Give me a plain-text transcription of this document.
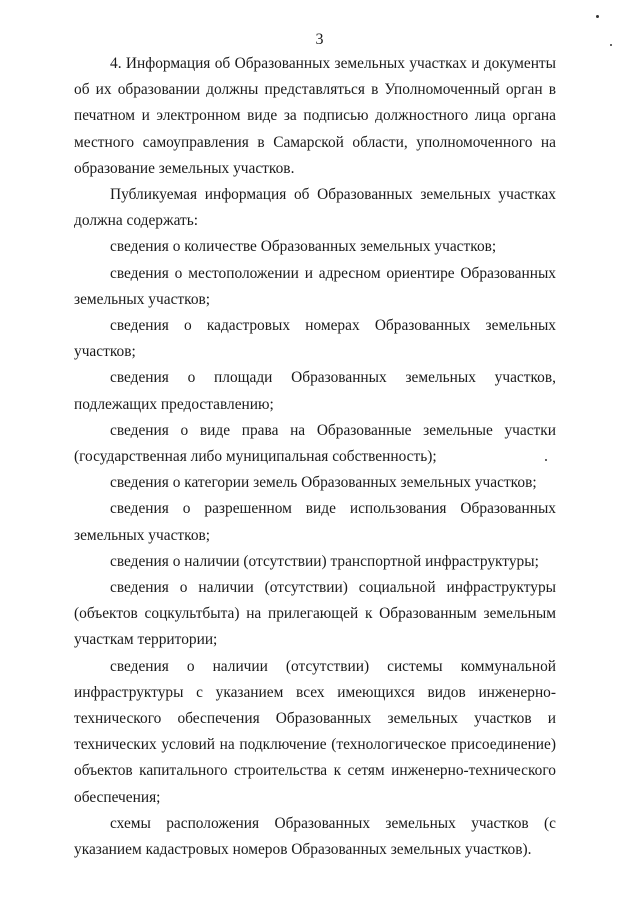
3

4. Информация об Образованных земельных участках и документы об их образовании должны представляться в Уполномоченный орган в печатном и электронном виде за подписью должностного лица органа местного самоуправления в Самарской области, уполномоченного на образование земельных участков.

Публикуемая информация об Образованных земельных участках должна содержать:

сведения о количестве Образованных земельных участков;

сведения о местоположении и адресном ориентире Образованных земельных участков;

сведения о кадастровых номерах Образованных земельных участков;

сведения о площади Образованных земельных участков, подлежащих предоставлению;

сведения о виде права на Образованные земельные участки (государственная либо муниципальная собственность);

сведения о категории земель Образованных земельных участков;

сведения о разрешенном виде использования Образованных земельных участков;

сведения о наличии (отсутствии) транспортной инфраструктуры;

сведения о наличии (отсутствии) социальной инфраструктуры (объектов соцкультбыта) на прилегающей к Образованным земельным участкам территории;

сведения о наличии (отсутствии) системы коммунальной инфраструктуры с указанием всех имеющихся видов инженерно-технического обеспечения Образованных земельных участков и технических условий на подключение (технологическое присоединение) объектов капитального строительства к сетям инженерно-технического обеспечения;

схемы расположения Образованных земельных участков (с указанием кадастровых номеров Образованных земельных участков).
